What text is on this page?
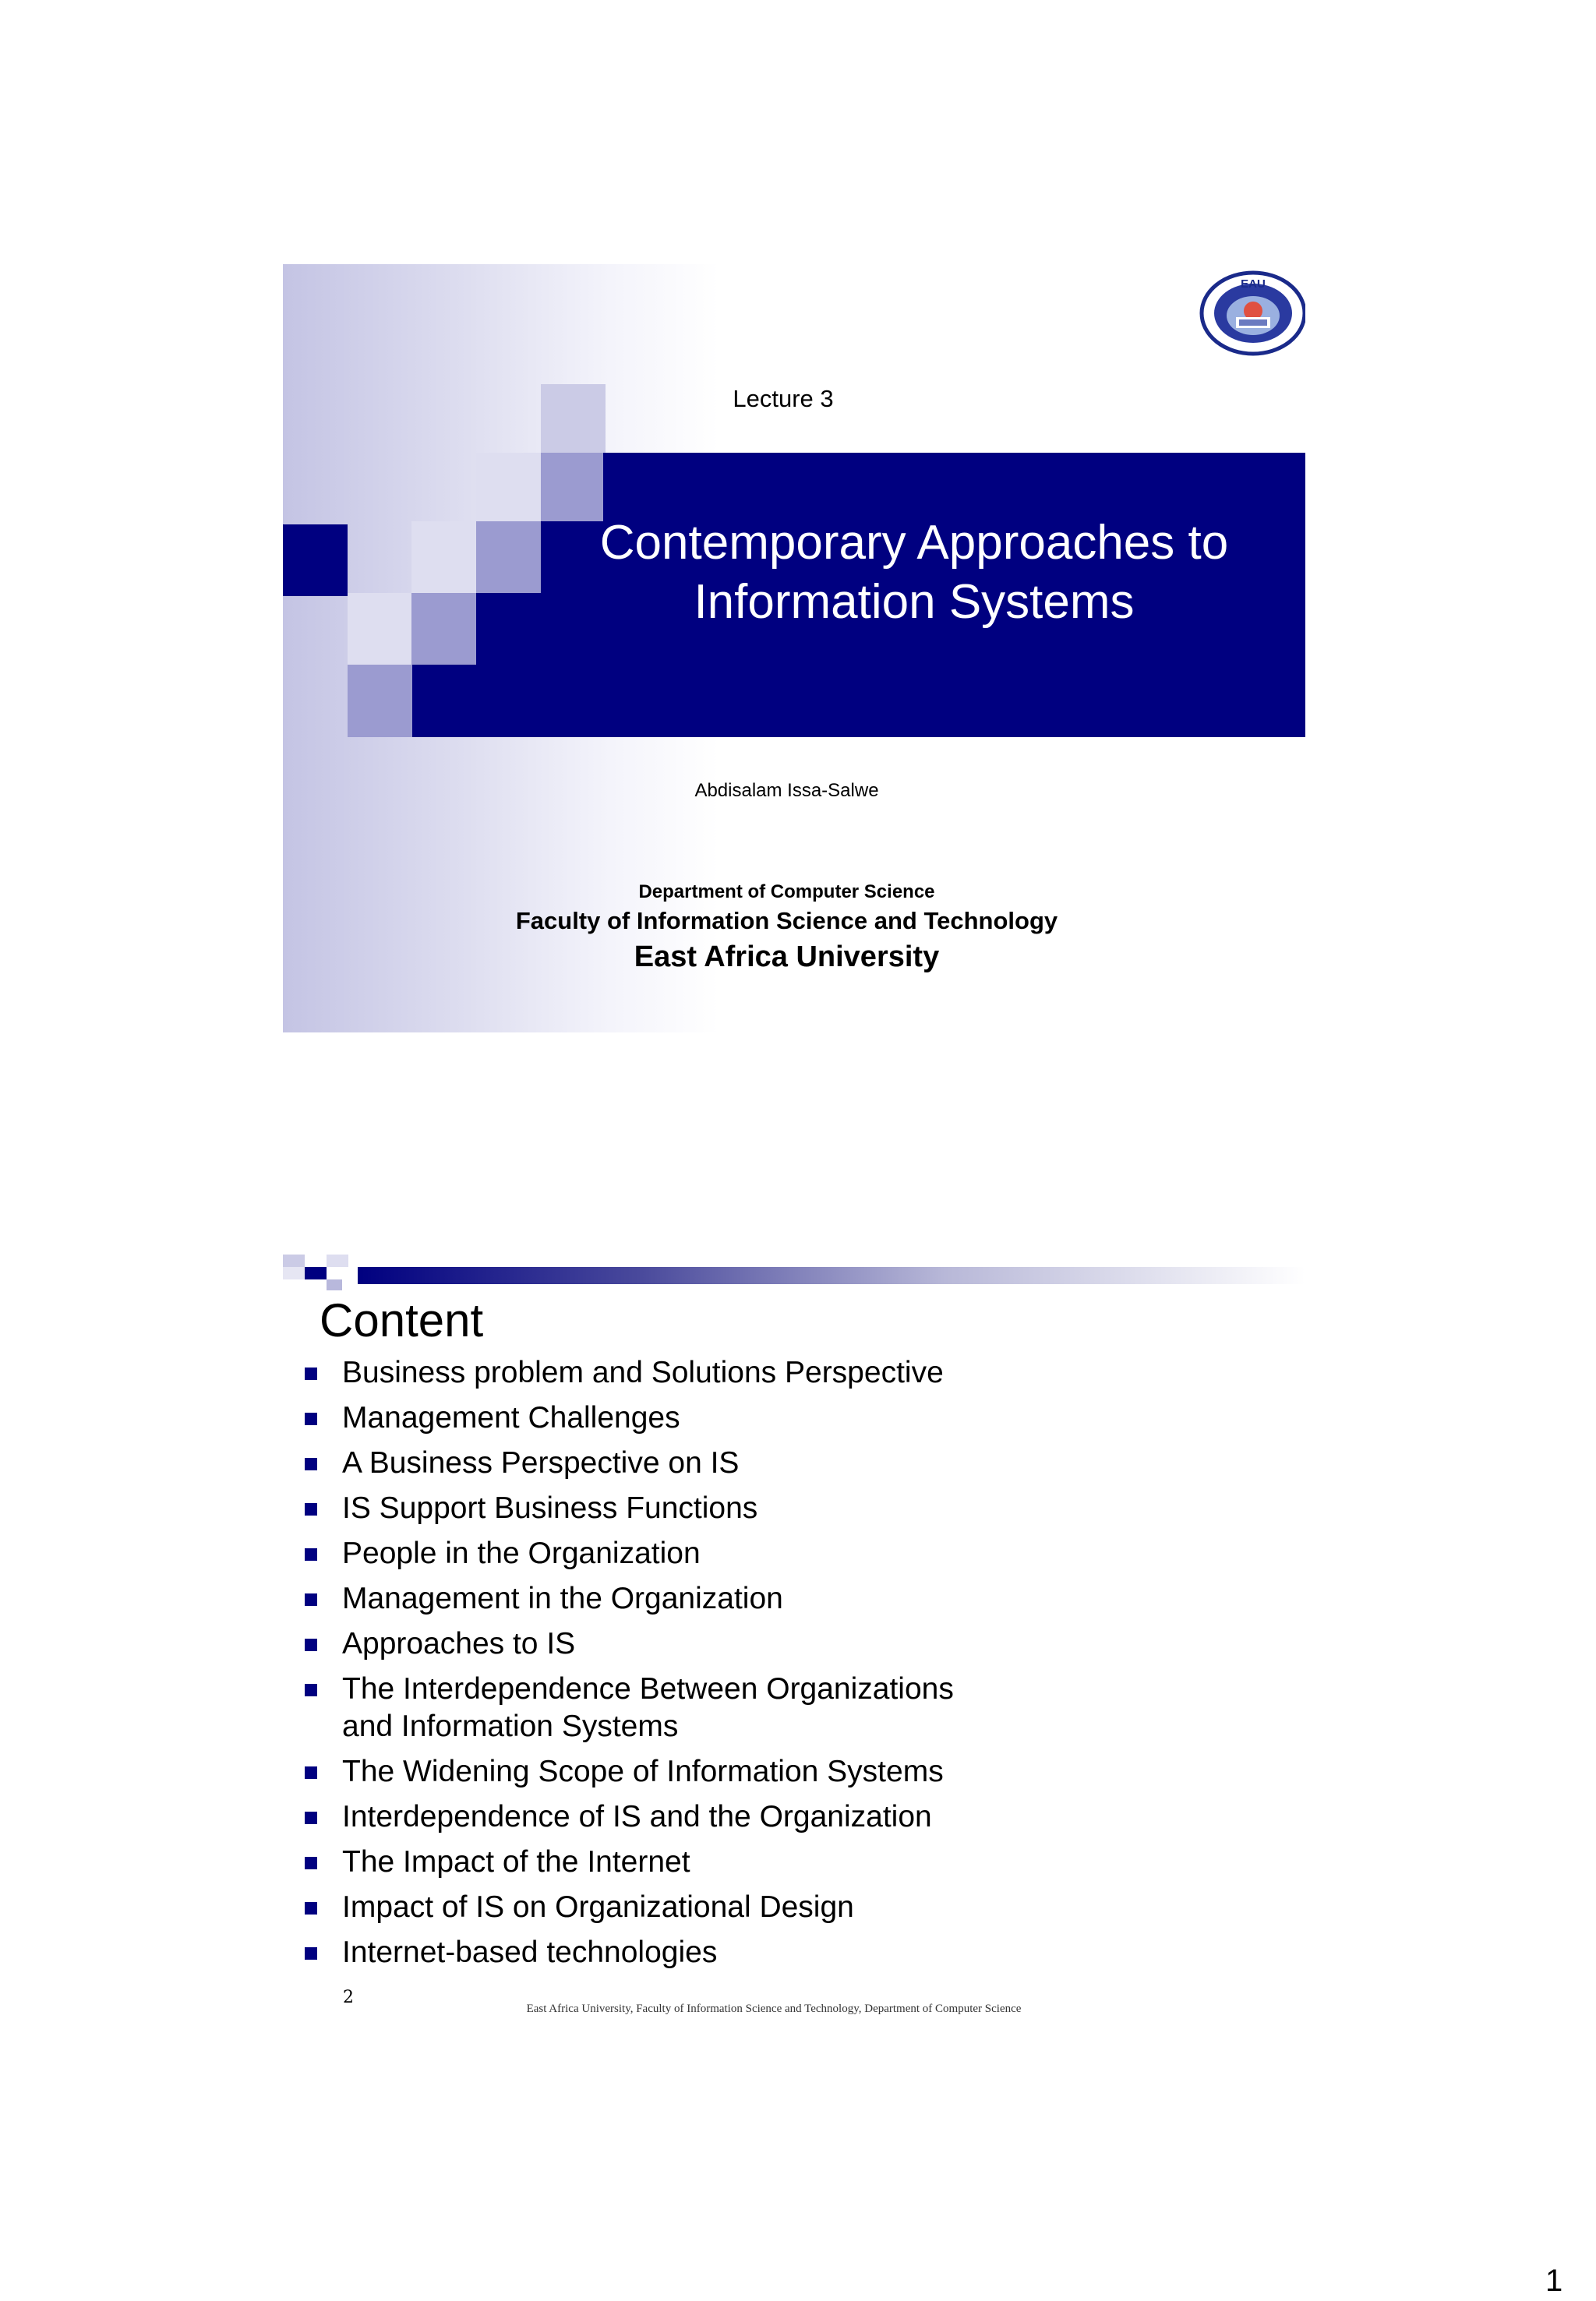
Contemporary Approaches to
Information Systems
Lecture 3
EAU
Abdisalam Issa-Salwe
Department of Computer Science
Faculty of Information Science and Technology
East Africa University
Content
Business problem and Solutions Perspective
Management Challenges
A Business Perspective on IS
IS Support Business Functions
People in the Organization
Management in the Organization
Approaches to IS
The Interdependence Between Organizations and Information Systems
The Widening Scope of Information Systems
Interdependence of IS and the Organization
The Impact of the Internet
Impact of IS on Organizational Design
Internet-based technologies
2
East Africa University, Faculty of Information Science and Technology, Department of Computer Science
1
